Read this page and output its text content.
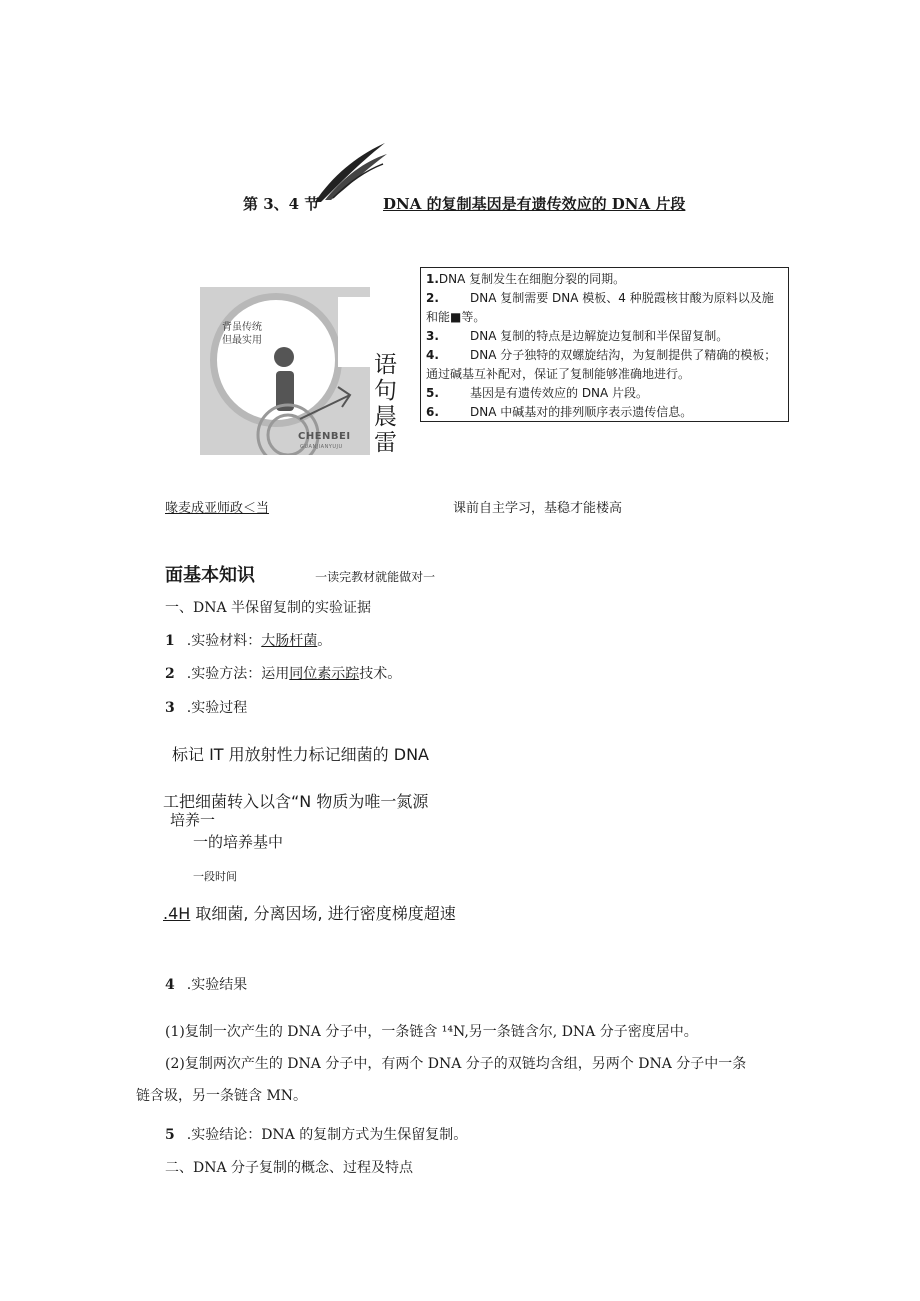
第 3、4 节	DNA 的复制基因是有遗传效应的 DNA 片段
背虽传统
但最实用
CHENBEI
GUANJIANYUJU
语
句
晨
雷
1.DNA 复制发生在细胞分裂的同期。
2.	DNA 复制需要 DNA 模板、4 种脱霞核甘酸为原料以及施和能■等。
3.	DNA 复制的特点是边解旋边复制和半保留复制。
4.	DNA 分子独特的双螺旋结沟，为复制提供了精确的模板；通过碱基互补配对，保证了复制能够准确地进行。
5.	基因是有遗传效应的 DNA 片段。
6.	DNA 中碱基对的排列顺序表示遗传信息。
喙麦成亚师政＜当	课前自主学习，基稳才能楼高
面基本知识	一读完教材就能做对一
一、DNA 半保留复制的实验证据
1 .实验材料：大肠杆菌。
2 .实验方法：运用同位素示踪技术。
3 .实验过程
标记 IT 用放射性力标记细菌的 DNA
工把细菌转入以含“N 物质为唯一氮源
培养一
一的培养基中
一段时间
.4H 取细菌, 分离因场, 进行密度梯度超速
4 .实验结果
(1)复制一次产生的 DNA 分子中，一条链含 ¹⁴N,另一条链含尔, DNA 分子密度居中。
(2)复制两次产生的 DNA 分子中，有两个 DNA 分子的双链均含组，另两个 DNA 分子中一条
链含圾，另一条链含 MN。
5 .实验结论：DNA 的复制方式为生保留复制。
二、DNA 分子复制的概念、过程及特点
